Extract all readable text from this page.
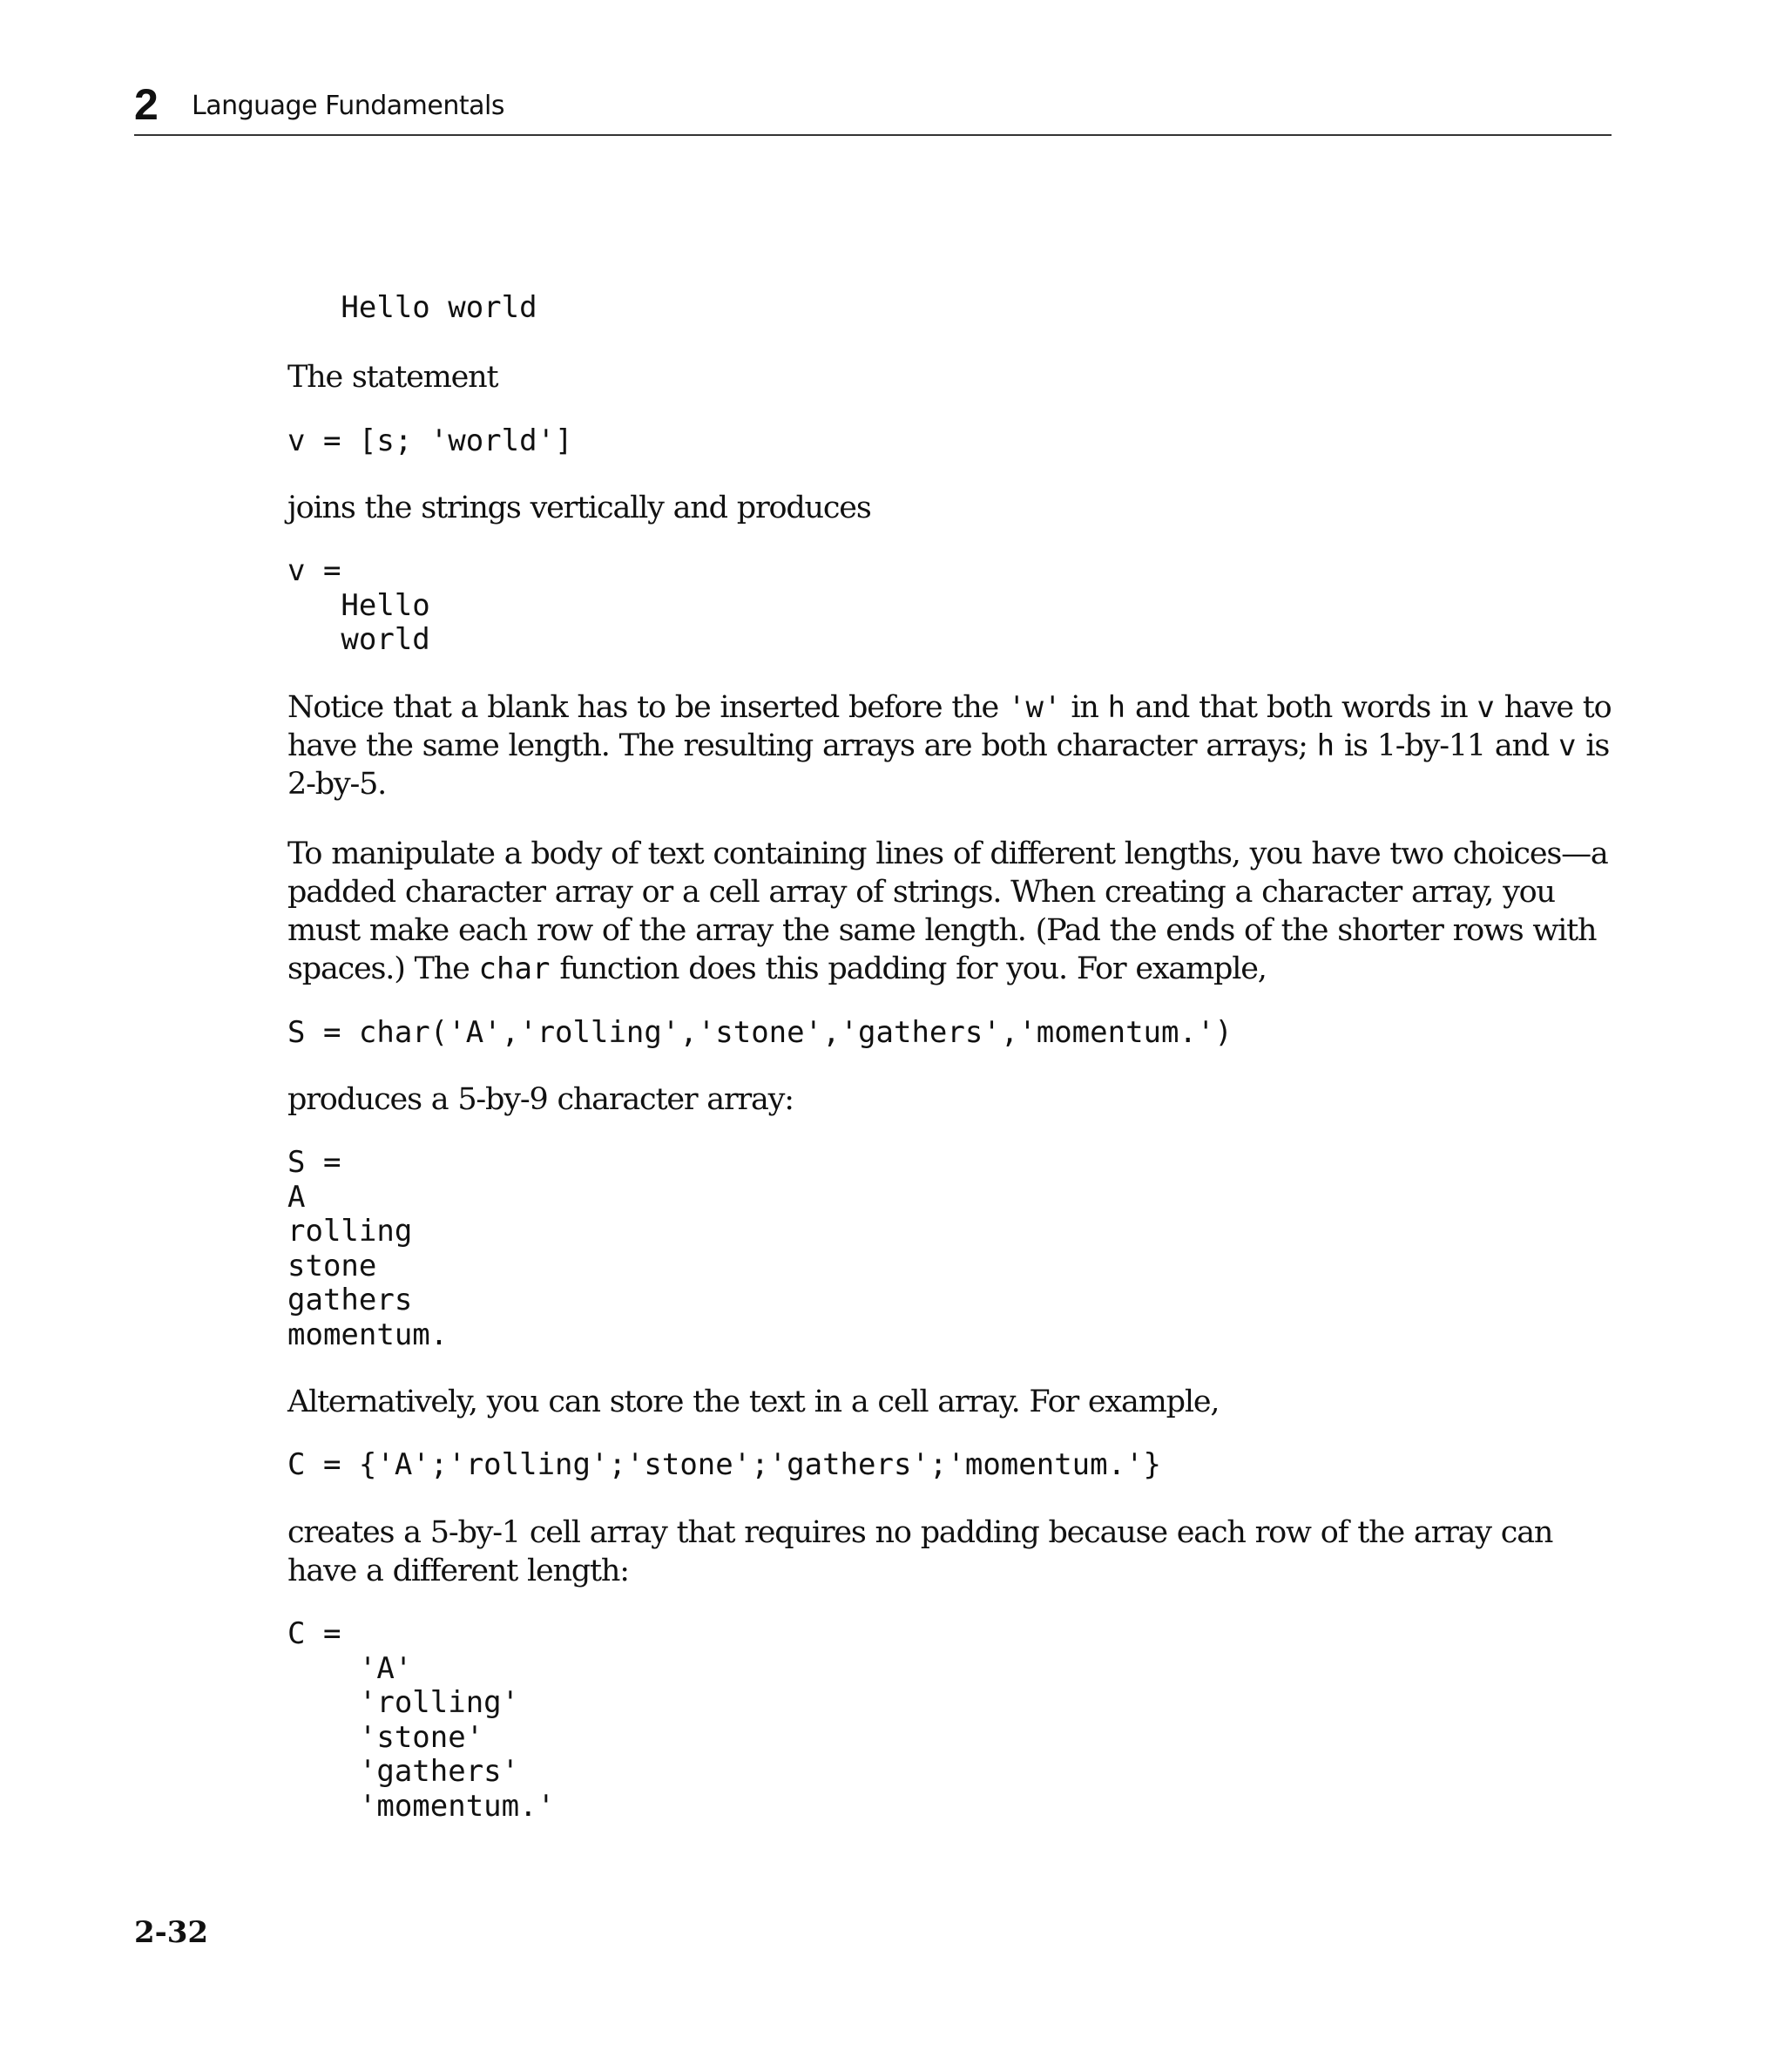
2 Language Fundamentals
Hello world

The statement

v = [s; 'world']

joins the strings vertically and produces

v =
Hello
world

Notice that a blank has to be inserted before the 'w' in h and that both words in v have to have the same length. The resulting arrays are both character arrays; h is 1-by-11 and v is 2-by-5.

To manipulate a body of text containing lines of different lengths, you have two choices—a padded character array or a cell array of strings. When creating a character array, you must make each row of the array the same length. (Pad the ends of the shorter rows with spaces.) The char function does this padding for you. For example,

S = char('A','rolling','stone','gathers','momentum.')

produces a 5-by-9 character array:

S =
A
rolling
stone
gathers
momentum.

Alternatively, you can store the text in a cell array. For example,

C = {'A';'rolling';'stone';'gathers';'momentum.'}

creates a 5-by-1 cell array that requires no padding because each row of the array can have a different length:

C =
'A'
'rolling'
'stone'
'gathers'
'momentum.'
2-32
